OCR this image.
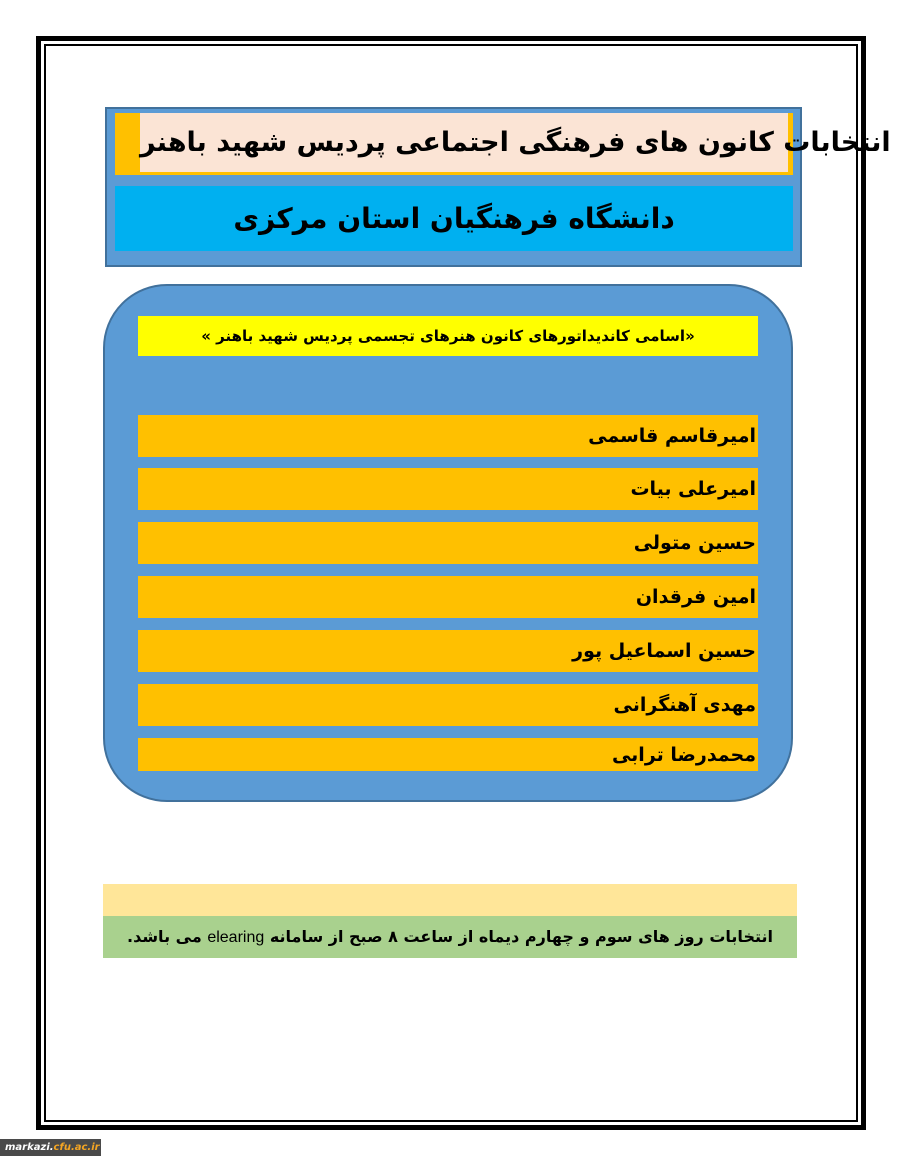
انتخابات کانون های فرهنگی اجتماعی پردیس شهید باهنر
دانشگاه فرهنگیان استان مرکزی
«اسامی کاندیداتورهای کانون هنرهای تجسمی پردیس شهید باهنر »
امیرقاسم قاسمی
امیرعلی بیات
حسین متولی
امین فرقدان
حسین اسماعیل پور
مهدی آهنگرانی
محمدرضا ترابی
انتخابات روز های سوم و چهارم دیماه از ساعت ۸ صبح از سامانه elearing می باشد.
markazi. cfu.ac.ir
